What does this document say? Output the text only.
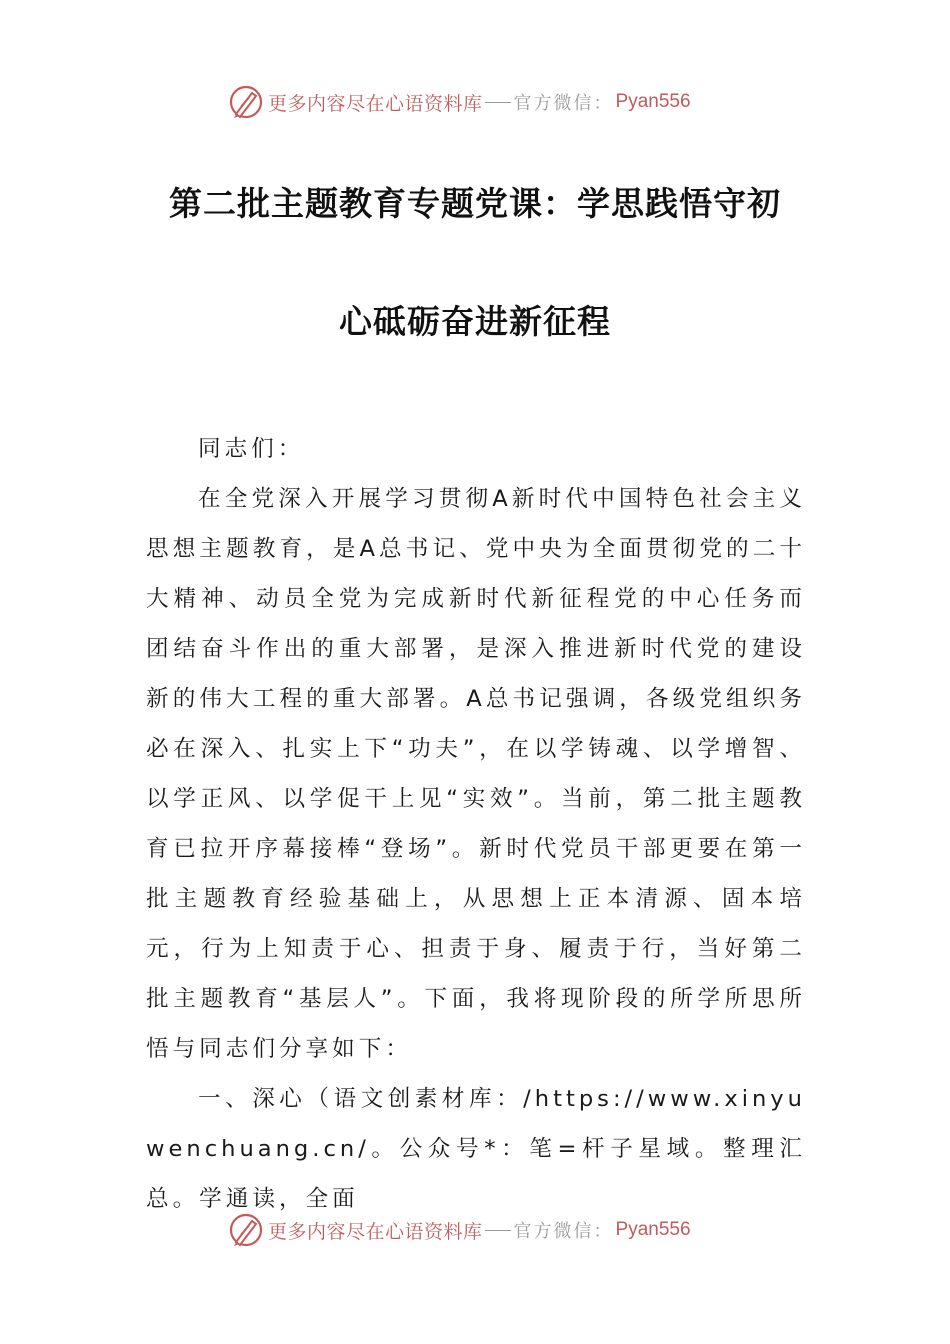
更多内容尽在心语资料库 官方微信： Pyan556
第二批主题教育专题党课：学思践悟守初
心砥砺奋进新征程

同志们：

在全党深入开展学习贯彻A新时代中国特色社会主义思想主题教育，是A总书记、党中央为全面贯彻党的二十大精神、动员全党为完成新时代新征程党的中心任务而团结奋斗作出的重大部署，是深入推进新时代党的建设新的伟大工程的重大部署。A总书记强调，各级党组织务必在深入、扎实上下“功夫”，在以学铸魂、以学增智、以学正风、以学促干上见“实效”。当前，第二批主题教育已拉开序幕接棒“登场”。新时代党员干部更要在第一批主题教育经验基础上，从思想上正本清源、固本培元，行为上知责于心、担责于身、履责于行，当好第二批主题教育“基层人”。下面，我将现阶段的所学所思所悟与同志们分享如下：

一、深心（语文创素材库：/https://www.xinyuwenchuang.cn/。公众号*：笔=杆子星域。整理汇总。学通读，全面

更多内容尽在心语资料库 官方微信： Pyan556
